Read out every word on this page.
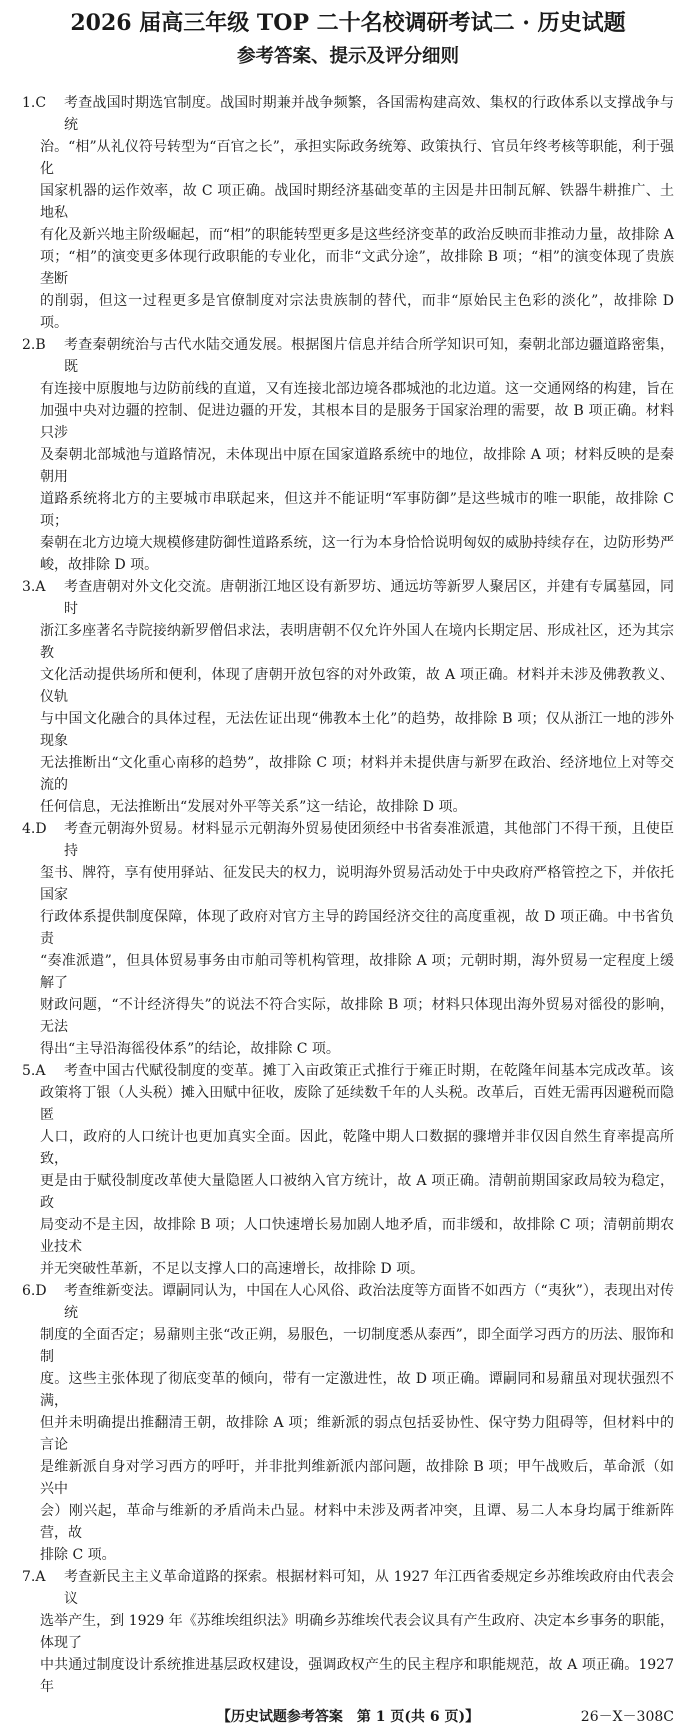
2026 届高三年级 TOP 二十名校调研考试二 · 历史试题
参考答案、提示及评分细则
1.C	考查战国时期选官制度。战国时期兼并战争频繁，各国需构建高效、集权的行政体系以支撑战争与统
治。“相”从礼仪符号转型为“百官之长”，承担实际政务统筹、政策执行、官员年终考核等职能，利于强化
国家机器的运作效率，故 C 项正确。战国时期经济基础变革的主因是井田制瓦解、铁器牛耕推广、土地私
有化及新兴地主阶级崛起，而“相”的职能转型更多是这些经济变革的政治反映而非推动力量，故排除 A
项；“相”的演变更多体现行政职能的专业化，而非“文武分途”，故排除 B 项；“相”的演变体现了贵族垄断
的削弱，但这一过程更多是官僚制度对宗法贵族制的替代，而非“原始民主色彩的淡化”，故排除 D 项。
2.B	考查秦朝统治与古代水陆交通发展。根据图片信息并结合所学知识可知，秦朝北部边疆道路密集，既
有连接中原腹地与边防前线的直道，又有连接北部边境各郡城池的北边道。这一交通网络的构建，旨在
加强中央对边疆的控制、促进边疆的开发，其根本目的是服务于国家治理的需要，故 B 项正确。材料只涉
及秦朝北部城池与道路情况，未体现出中原在国家道路系统中的地位，故排除 A 项；材料反映的是秦朝用
道路系统将北方的主要城市串联起来，但这并不能证明“军事防御”是这些城市的唯一职能，故排除 C 项；
秦朝在北方边境大规模修建防御性道路系统，这一行为本身恰恰说明匈奴的威胁持续存在，边防形势严
峻，故排除 D 项。
3.A	考查唐朝对外文化交流。唐朝浙江地区设有新罗坊、通远坊等新罗人聚居区，并建有专属墓园，同时
浙江多座著名寺院接纳新罗僧侣求法，表明唐朝不仅允许外国人在境内长期定居、形成社区，还为其宗教
文化活动提供场所和便利，体现了唐朝开放包容的对外政策，故 A 项正确。材料并未涉及佛教教义、仪轨
与中国文化融合的具体过程，无法佐证出现“佛教本土化”的趋势，故排除 B 项；仅从浙江一地的涉外现象
无法推断出“文化重心南移的趋势”，故排除 C 项；材料并未提供唐与新罗在政治、经济地位上对等交流的
任何信息，无法推断出“发展对外平等关系”这一结论，故排除 D 项。
4.D	考查元朝海外贸易。材料显示元朝海外贸易使团须经中书省奏准派遣，其他部门不得干预，且使臣持
玺书、牌符，享有使用驿站、征发民夫的权力，说明海外贸易活动处于中央政府严格管控之下，并依托国家
行政体系提供制度保障，体现了政府对官方主导的跨国经济交往的高度重视，故 D 项正确。中书省负责
“奏准派遣”，但具体贸易事务由市舶司等机构管理，故排除 A 项；元朝时期，海外贸易一定程度上缓解了
财政问题，“不计经济得失”的说法不符合实际，故排除 B 项；材料只体现出海外贸易对徭役的影响，无法
得出“主导沿海徭役体系”的结论，故排除 C 项。
5.A	考查中国古代赋役制度的变革。摊丁入亩政策正式推行于雍正时期，在乾隆年间基本完成改革。该
政策将丁银（人头税）摊入田赋中征收，废除了延续数千年的人头税。改革后，百姓无需再因避税而隐匿
人口，政府的人口统计也更加真实全面。因此，乾隆中期人口数据的骤增并非仅因自然生育率提高所致，
更是由于赋役制度改革使大量隐匿人口被纳入官方统计，故 A 项正确。清朝前期国家政局较为稳定，政
局变动不是主因，故排除 B 项；人口快速增长易加剧人地矛盾，而非缓和，故排除 C 项；清朝前期农业技术
并无突破性革新，不足以支撑人口的高速增长，故排除 D 项。
6.D	考查维新变法。谭嗣同认为，中国在人心风俗、政治法度等方面皆不如西方（“夷狄”），表现出对传统
制度的全面否定；易鼐则主张“改正朔，易服色，一切制度悉从泰西”，即全面学习西方的历法、服饰和制
度。这些主张体现了彻底变革的倾向，带有一定激进性，故 D 项正确。谭嗣同和易鼐虽对现状强烈不满，
但并未明确提出推翻清王朝，故排除 A 项；维新派的弱点包括妥协性、保守势力阻碍等，但材料中的言论
是维新派自身对学习西方的呼吁，并非批判维新派内部问题，故排除 B 项；甲午战败后，革命派（如兴中
会）刚兴起，革命与维新的矛盾尚未凸显。材料中未涉及两者冲突，且谭、易二人本身均属于维新阵营，故
排除 C 项。
7.A	考查新民主主义革命道路的探索。根据材料可知，从 1927 年江西省委规定乡苏维埃政府由代表会议
选举产生，到 1929 年《苏维埃组织法》明确乡苏维埃代表会议具有产生政府、决定本乡事务的职能，体现了
中共通过制度设计系统推进基层政权建设，强调政权产生的民主程序和职能规范，故 A 项正确。1927 年
【历史试题参考答案　第 1 页(共 6 页)】	26－X－308C
